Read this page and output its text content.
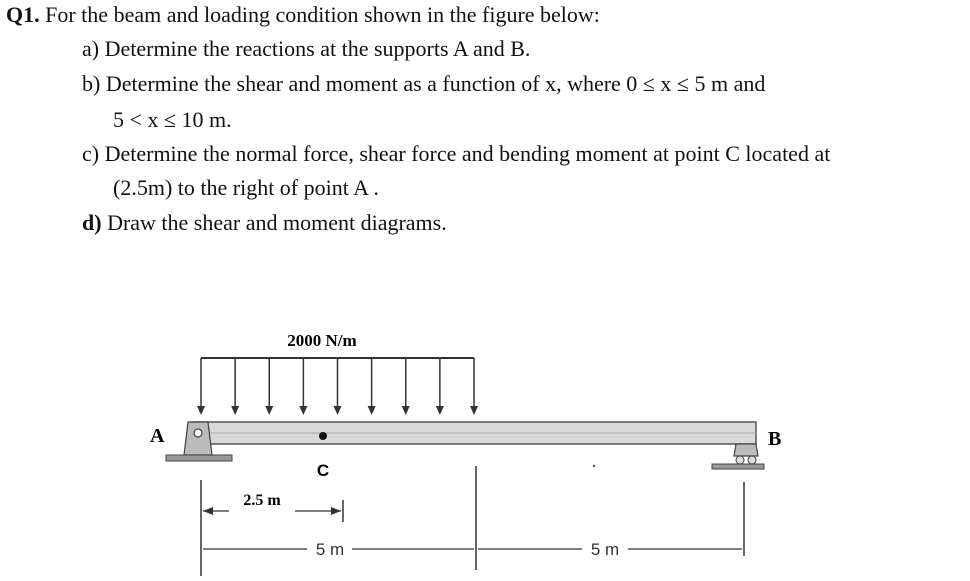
Q1. For the beam and loading condition shown in the figure below:
a) Determine the reactions at the supports A and B.
b) Determine the shear and moment as a function of x, where 0 ≤ x ≤ 5 m and
5 < x ≤ 10 m.
c) Determine the normal force, shear force and bending moment at point C located at
(2.5m) to the right of point A .
d) Draw the shear and moment diagrams.
2000 N/m
A	B
C
2.5 m
5 m	5 m
